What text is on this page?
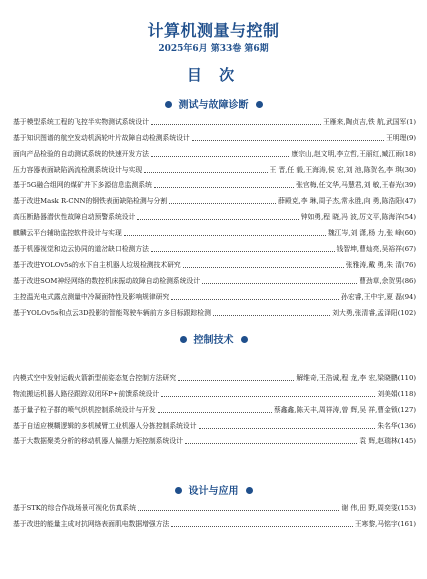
计算机测量与控制
2025年6月 第33卷 第6期
目 次
测试与故障诊断
基于模型系统工程的飞控半实物测试系统设计	王雁来,陶贞吉,铁 航,武国军(1)
基于知识图谱的航空发动机涡轮叶片故障自动检测系统设计	王明理(9)
面向产品检验的自动测试系统的快速开发方法	康宗山,赵文明,李立哲,王丽红,臧江雨(18)
压力容器表面缺陷涡流检测系统设计与实现	王 晋,任 毅,王海涛,侯 宏,刘 池,陈贺名,李 琪(30)
基于5G融合组网的煤矿井下多源信息监测系统	张官梅,任文华,马慧君,刘 敏,王春光(39)
基于改进Mask R-CNN的钢铁表面缺陷检测与分割	薛殿克,李 琳,周子杰,常永胜,向 勇,陈浩阳(47)
高压断路器潜伏性故障自动预警系统设计	钟如勇,程 晓,冯 波,厉文平,陈海洋(54)
麒麟云平台辅助监控软件设计与实现	魏江岑,刘 潇,杨 力,张 峰(60)
基于机器视觉和边云协同的道岔缺口检测方法	钱智坤,曹灿亮,吴裕祥(67)
基于改进YOLOv5s的水下自主机器人垃圾检测技术研究	张雅涛,戴 勇,朱 清(76)
基于改进SOM神经网络的数控机床振动故障自动检测系统设计	曹劲草,余贺男(86)
主控温光电式露点测量中冷凝面特性及影响规律研究	孙宏睿,王中宇,夏 磊(94)
基于YOLOv5s和点云3D投影的智能驾驶车辆前方多目标跟踪检测	刘大勇,张清睿,孟泽阳(102)
控制技术
内模式空中发射运载火箭新型前姿态复合控制方法研究	解维奇,王浩诚,程 龙,李 宏,梁晓鹏(110)
物流搬运机器人路径跟踪双闭环P+前馈系统设计	刘美娟(118)
基于量子粒子群的喷气织机控制系统设计与开发	蔡鑫鑫,陈天丰,周祥涛,曾 辉,吴 祥,曹金锁(127)
基于自适应模糊逻辑的多机械臂工业机器人分拣控制系统设计	朱名华(136)
基于大数据聚类分析的移动机器人偏摆力矩控制系统设计	袁 辉,赵瑞林(145)
设计与应用
基于STK的综合作战场景可视化仿真系统	谢 伟,田 野,周奕雯(153)
基于改进的能量主成对抗网络表面肌电数据增强方法	王寒黎,马铭宇(161)
